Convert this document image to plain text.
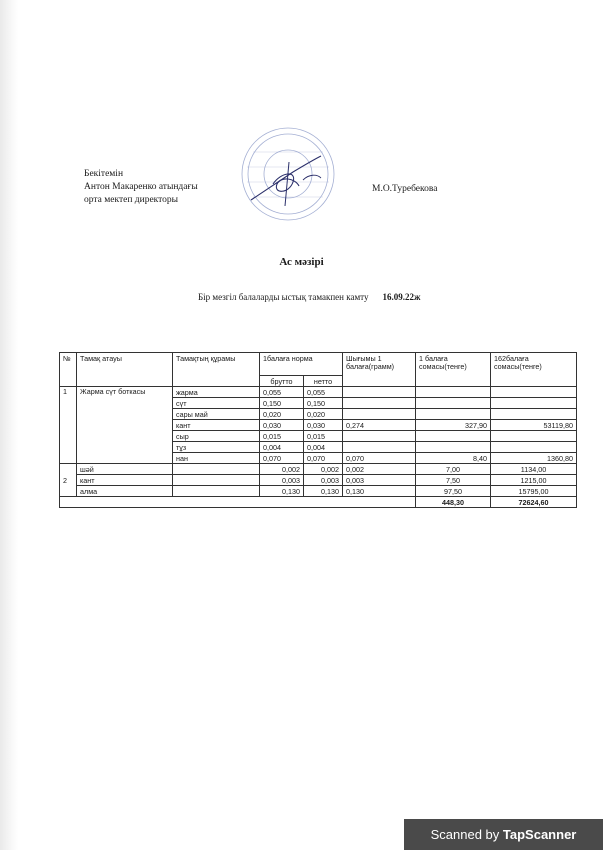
Бекітемін
Антон Макаренко атындағы
орта мектеп директоры
М.О.Туребекова
Ас мәзірі
Бір мезгіл балаларды ыстық тамакпен камту 16.09.22ж
№	Тамақ атауы	Тамақтың құрамы	1балаға норма		Шығымы 1 балаға(грамм)	1 балаға сомасы(тенге)	162балаға сомасы(тенге)
			брутто	нетто			
1	Жарма сүт боткасы	жарма	0,055	0,055			
		сүт	0,150	0,150			
		сары май	0,020	0,020			
		кант	0,030	0,030	0,274	327,90	53119,80
		сыр	0,015	0,015			
		тұз	0,004	0,004			
		нан	0,070	0,070	0,070	8,40	1360,80
2	шәй		0,002	0,002	0,002	7,00	1134,00
	кант		0,003	0,003	0,003	7,50	1215,00
	алма		0,130	0,130	0,130	97,50	15795,00
						448,30	72624,60
Scanned by TapScanner
